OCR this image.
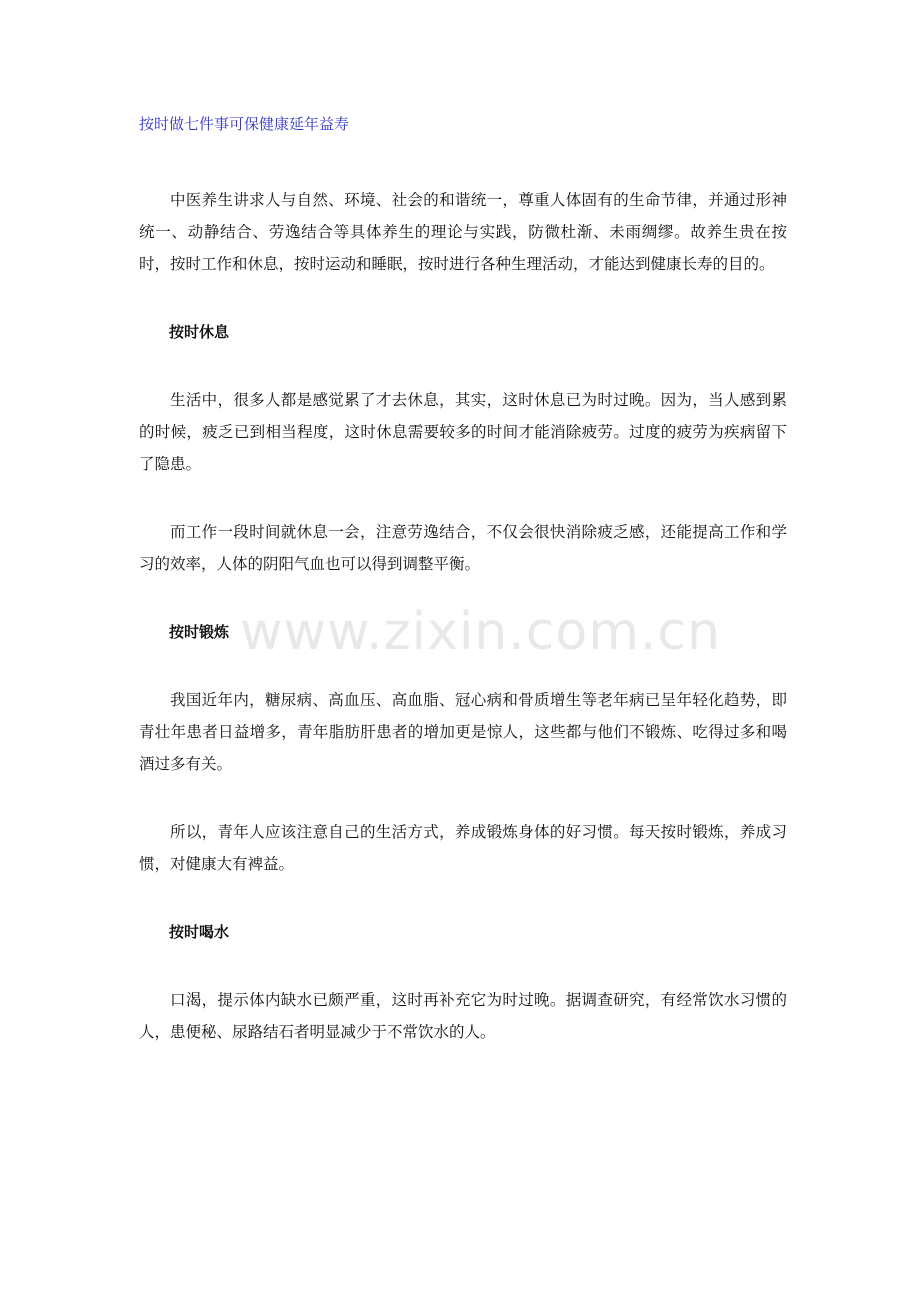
按时做七件事可保健康延年益寿

中医养生讲求人与自然、环境、社会的和谐统一，尊重人体固有的生命节律，并通过形神统一、动静结合、劳逸结合等具体养生的理论与实践，防微杜渐、未雨绸缪。故养生贵在按时，按时工作和休息，按时运动和睡眠，按时进行各种生理活动，才能达到健康长寿的目的。

按时休息

生活中，很多人都是感觉累了才去休息，其实，这时休息已为时过晚。因为，当人感到累的时候，疲乏已到相当程度，这时休息需要较多的时间才能消除疲劳。过度的疲劳为疾病留下了隐患。

而工作一段时间就休息一会，注意劳逸结合，不仅会很快消除疲乏感，还能提高工作和学习的效率，人体的阴阳气血也可以得到调整平衡。

按时锻炼

我国近年内，糖尿病、高血压、高血脂、冠心病和骨质增生等老年病已呈年轻化趋势，即青壮年患者日益增多，青年脂肪肝患者的增加更是惊人，这些都与他们不锻炼、吃得过多和喝酒过多有关。

所以，青年人应该注意自己的生活方式，养成锻炼身体的好习惯。每天按时锻炼，养成习惯，对健康大有裨益。

按时喝水

口渴，提示体内缺水已颇严重，这时再补充它为时过晚。据调查研究，有经常饮水习惯的人，患便秘、尿路结石者明显减少于不常饮水的人。

www.zixin.com.cn
